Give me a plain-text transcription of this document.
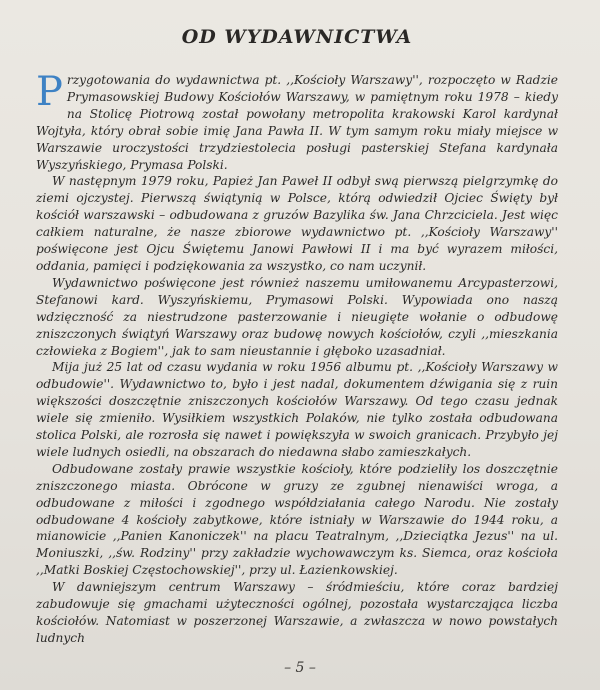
OD WYDAWNICTWA

Przygotowania do wydawnictwa pt. ,,Kościoły Warszawy'', rozpoczęto w Radzie Prymasowskiej Budowy Kościołów Warszawy, w pamiętnym roku 1978 – kiedy na Stolicę Piotrową został powołany metropolita krakowski Karol kardynał Wojtyła, który obrał sobie imię Jana Pawła II. W tym samym roku miały miejsce w Warszawie uroczystości trzydziestolecia posługi pasterskiej Stefana kardynała Wyszyńskiego, Prymasa Polski.

W następnym 1979 roku, Papież Jan Paweł II odbył swą pierwszą pielgrzymkę do ziemi ojczystej. Pierwszą świątynią w Polsce, którą odwiedził Ojciec Święty był kościół warszawski – odbudowana z gruzów Bazylika św. Jana Chrzciciela. Jest więc całkiem naturalne, że nasze zbiorowe wydawnictwo pt. ,,Kościoły Warszawy'' poświęcone jest Ojcu Świętemu Janowi Pawłowi II i ma być wyrazem miłości, oddania, pamięci i podziękowania za wszystko, co nam uczynił.

Wydawnictwo poświęcone jest również naszemu umiłowanemu Arcypasterzowi, Stefanowi kard. Wyszyńskiemu, Prymasowi Polski. Wypowiada ono naszą wdzięczność za niestrudzone pasterzowanie i nieugięte wołanie o odbudowę zniszczonych świątyń Warszawy oraz budowę nowych kościołów, czyli ,,mieszkania człowieka z Bogiem'', jak to sam nieustannie i głęboko uzasadniał.

Mija już 25 lat od czasu wydania w roku 1956 albumu pt. ,,Kościoły Warszawy w odbudowie''. Wydawnictwo to, było i jest nadal, dokumentem dźwigania się z ruin większości doszczętnie zniszczonych kościołów Warszawy. Od tego czasu jednak wiele się zmieniło. Wysiłkiem wszystkich Polaków, nie tylko została odbudowana stolica Polski, ale rozrosła się nawet i powiększyła w swoich granicach. Przybyło jej wiele ludnych osiedli, na obszarach do niedawna słabo zamieszkałych.

Odbudowane zostały prawie wszystkie kościoły, które podzieliły los doszczętnie zniszczonego miasta. Obrócone w gruzy ze zgubnej nienawiści wroga, a odbudowane z miłości i zgodnego współdziałania całego Narodu. Nie zostały odbudowane 4 kościoły zabytkowe, które istniały w Warszawie do 1944 roku, a mianowicie ,,Panien Kanoniczek'' na placu Teatralnym, ,,Dzieciątka Jezus'' na ul. Moniuszki, ,,św. Rodziny'' przy zakładzie wychowawczym ks. Siemca, oraz kościoła ,,Matki Boskiej Częstochowskiej'', przy ul. Łazienkowskiej.

W dawniejszym centrum Warszawy – śródmieściu, które coraz bardziej zabudowuje się gmachami użyteczności ogólnej, pozostała wystarczająca liczba kościołów. Natomiast w poszerzonej Warszawie, a zwłaszcza w nowo powstałych ludnych

– 5 –
